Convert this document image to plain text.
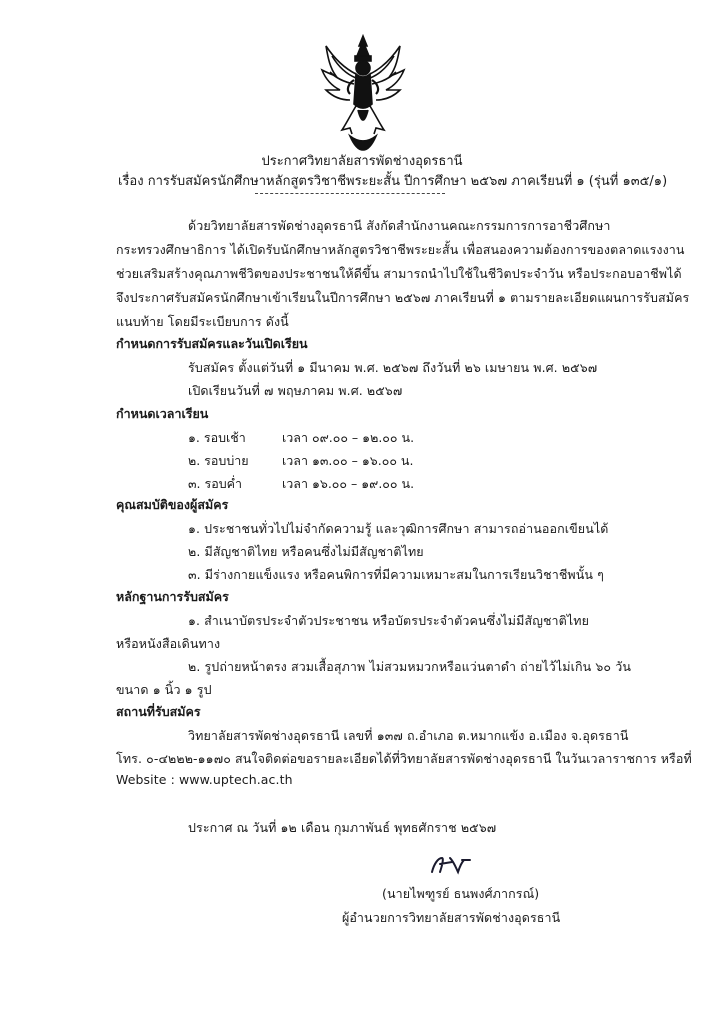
ประกาศวิทยาลัยสารพัดช่างอุดรธานี
เรื่อง การรับสมัครนักศึกษาหลักสูตรวิชาชีพระยะสั้น ปีการศึกษา ๒๕๖๗ ภาคเรียนที่ ๑ (รุ่นที่ ๑๓๕/๑)
ด้วยวิทยาลัยสารพัดช่างอุดรธานี สังกัดสำนักงานคณะกรรมการการอาชีวศึกษา
กระทรวงศึกษาธิการ ได้เปิดรับนักศึกษาหลักสูตรวิชาชีพระยะสั้น เพื่อสนองความต้องการของตลาดแรงงาน
ช่วยเสริมสร้างคุณภาพชีวิตของประชาชนให้ดีขึ้น สามารถนำไปใช้ในชีวิตประจำวัน หรือประกอบอาชีพได้
จึงประกาศรับสมัครนักศึกษาเข้าเรียนในปีการศึกษา ๒๕๖๗ ภาคเรียนที่ ๑ ตามรายละเอียดแผนการรับสมัคร
แนบท้าย โดยมีระเบียบการ ดังนี้
กำหนดการรับสมัครและวันเปิดเรียน
รับสมัคร ตั้งแต่วันที่ ๑ มีนาคม พ.ศ. ๒๕๖๗ ถึงวันที่ ๒๖ เมษายน พ.ศ. ๒๕๖๗
เปิดเรียนวันที่ ๗ พฤษภาคม พ.ศ. ๒๕๖๗
กำหนดเวลาเรียน
๑. รอบเช้า	เวลา ๐๙.๐๐ – ๑๒.๐๐ น.
๒. รอบบ่าย	เวลา ๑๓.๐๐ – ๑๖.๐๐ น.
๓. รอบค่ำ	เวลา ๑๖.๐๐ – ๑๙.๐๐ น.
คุณสมบัติของผู้สมัคร
๑. ประชาชนทั่วไปไม่จำกัดความรู้ และวุฒิการศึกษา สามารถอ่านออกเขียนได้
๒. มีสัญชาติไทย หรือคนซึ่งไม่มีสัญชาติไทย
๓. มีร่างกายแข็งแรง หรือคนพิการที่มีความเหมาะสมในการเรียนวิชาชีพนั้น ๆ
หลักฐานการรับสมัคร
๑. สำเนาบัตรประจำตัวประชาชน หรือบัตรประจำตัวคนซึ่งไม่มีสัญชาติไทย
หรือหนังสือเดินทาง
๒. รูปถ่ายหน้าตรง สวมเสื้อสุภาพ ไม่สวมหมวกหรือแว่นตาดำ ถ่ายไว้ไม่เกิน ๖๐ วัน
ขนาด ๑ นิ้ว ๑ รูป
สถานที่รับสมัคร
วิทยาลัยสารพัดช่างอุดรธานี เลขที่ ๑๓๗ ถ.อำเภอ ต.หมากแข้ง อ.เมือง จ.อุดรธานี
โทร. ๐-๔๒๒๒-๑๑๗๐ สนใจติดต่อขอรายละเอียดได้ที่วิทยาลัยสารพัดช่างอุดรธานี ในวันเวลาราชการ หรือที่
Website : www.uptech.ac.th
ประกาศ ณ วันที่ ๑๒ เดือน กุมภาพันธ์ พุทธศักราช ๒๕๖๗
(นายไพฑูรย์ ธนพงศ์ภากรณ์)
ผู้อำนวยการวิทยาลัยสารพัดช่างอุดรธานี
